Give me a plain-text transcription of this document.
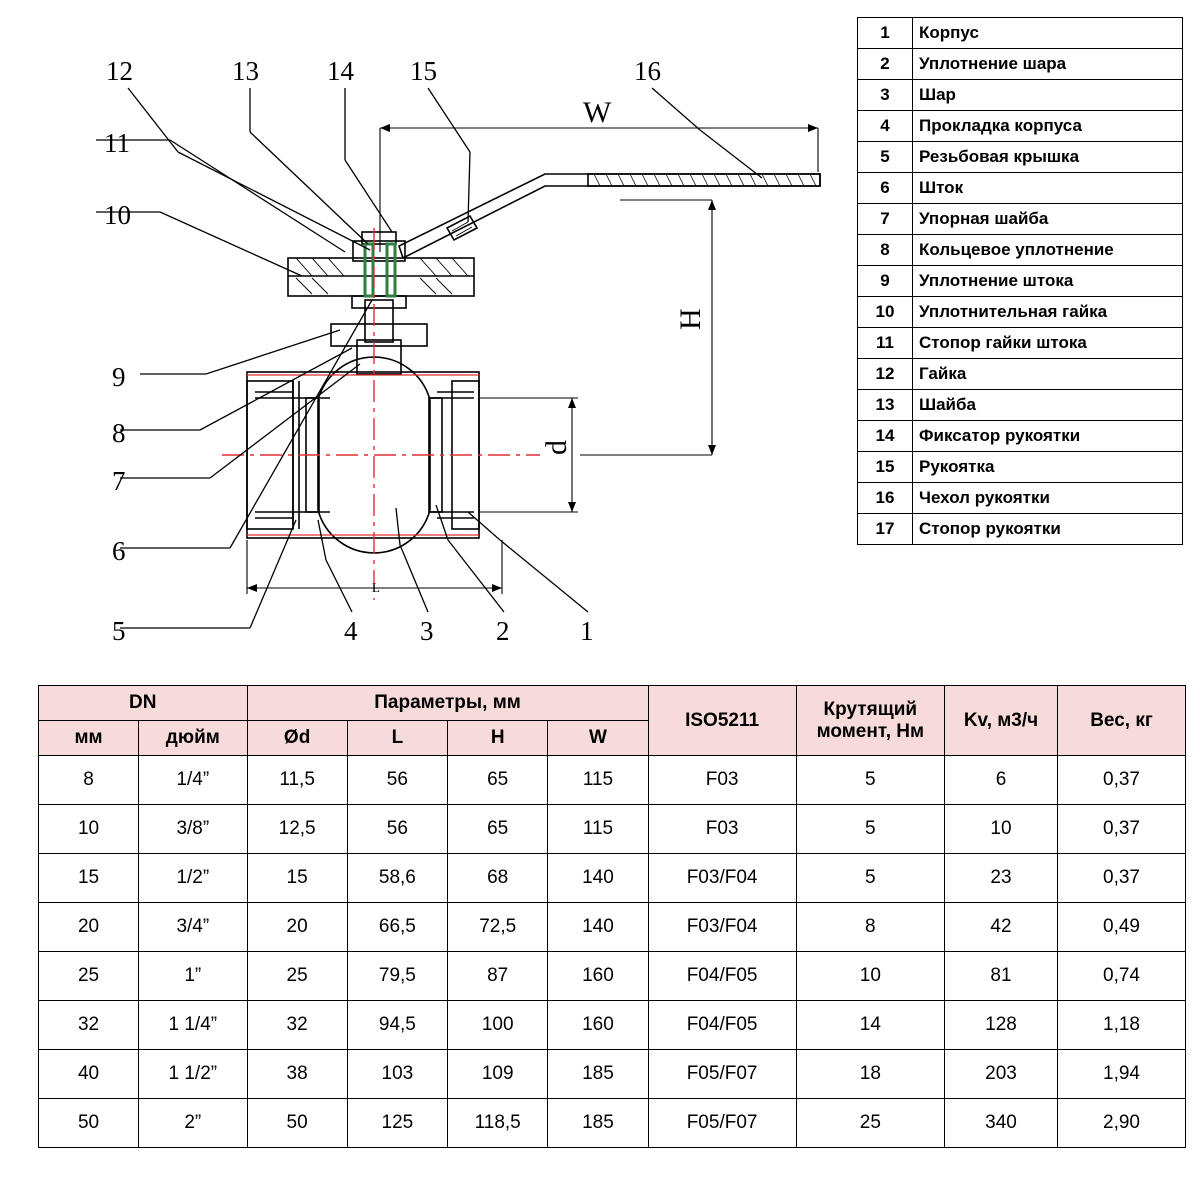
W
H
d
L
12	13	14 15	16
11
10
9
8
7
6
5	4 3 2	1
1	Корпус
2	Уплотнение шара
3	Шар
4	Прокладка корпуса
5	Резьбовая крышка
6	Шток
7	Упорная шайба
8	Кольцевое уплотнение
9	Уплотнение штока
10	Уплотнительная гайка
11	Стопор гайки штока
12	Гайка
13	Шайба
14	Фиксатор рукоятки
15	Рукоятка
16	Чехол рукоятки
17	Стопор рукоятки
DN		Параметры, мм				ISO5211	Крутящий момент, Нм	Kv, м3/ч	Вес, кг
мм	дюйм	Ød	L	H	W				
8	1/4”	11,5	56	65	115	F03	5	6	0,37
10	3/8”	12,5	56	65	115	F03	5	10	0,37
15	1/2”	15	58,6	68	140	F03/F04	5	23	0,37
20	3/4”	20	66,5	72,5	140	F03/F04	8	42	0,49
25	1”	25	79,5	87	160	F04/F05	10	81	0,74
32	1 1/4”	32	94,5	100	160	F04/F05	14	128	1,18
40	1 1/2”	38	103	109	185	F05/F07	18	203	1,94
50	2”	50	125	118,5	185	F05/F07	25	340	2,90
